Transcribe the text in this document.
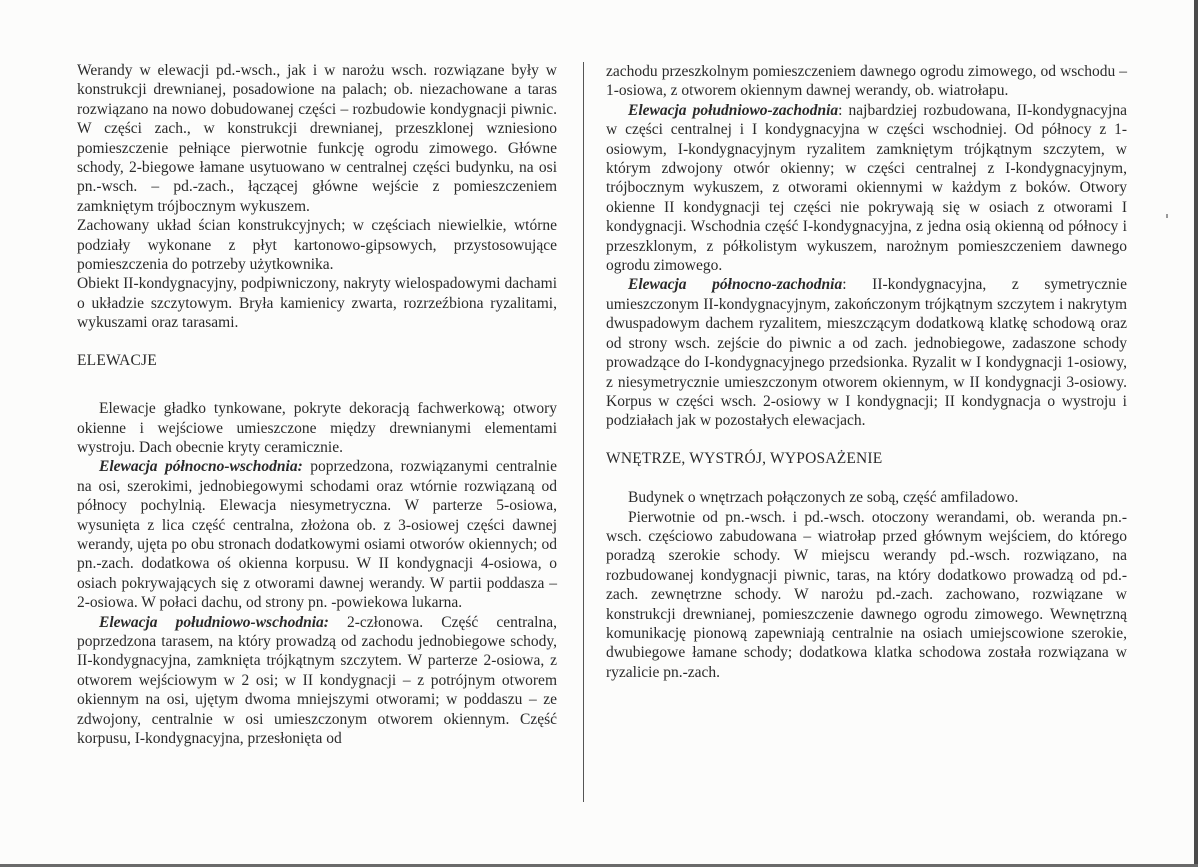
Werandy w elewacji pd.-wsch., jak i w narożu wsch. rozwiązane były w konstrukcji drewnianej, posadowione na palach; ob. niezachowane a taras rozwiązano na nowo dobudowanej części – rozbudowie kondygnacji piwnic. W części zach., w konstrukcji drewnianej, przeszklonej wzniesiono pomieszczenie pełniące pierwotnie funkcję ogrodu zimowego. Główne schody, 2-biegowe łamane usytuowano w centralnej części budynku, na osi pn.-wsch. – pd.-zach., łączącej główne wejście z pomieszczeniem zamkniętym trójbocznym wykuszem.

Zachowany układ ścian konstrukcyjnych; w częściach niewielkie, wtórne podziały wykonane z płyt kartonowo-gipsowych, przystosowujące pomieszczenia do potrzeby użytkownika.

Obiekt II-kondygnacyjny, podpiwniczony, nakryty wielospadowymi dachami o układzie szczytowym. Bryła kamienicy zwarta, rozrzeźbiona ryzalitami, wykuszami oraz tarasami.

ELEWACJE

Elewacje gładko tynkowane, pokryte dekoracją fachwerkową; otwory okienne i wejściowe umieszczone między drewnianymi elementami wystroju. Dach obecnie kryty ceramicznie.

Elewacja północno-wschodnia: poprzedzona, rozwiązanymi centralnie na osi, szerokimi, jednobiegowymi schodami oraz wtórnie rozwiązaną od północy pochylnią. Elewacja niesymetryczna. W parterze 5-osiowa, wysunięta z lica część centralna, złożona ob. z 3-osiowej części dawnej werandy, ujęta po obu stronach dodatkowymi osiami otworów okiennych; od pn.-zach. dodatkowa oś okienna korpusu. W II kondygnacji 4-osiowa, o osiach pokrywających się z otworami dawnej werandy. W partii poddasza – 2-osiowa. W połaci dachu, od strony pn. -powiekowa lukarna.

Elewacja południowo-wschodnia: 2-członowa. Część centralna, poprzedzona tarasem, na który prowadzą od zachodu jednobiegowe schody, II-kondygnacyjna, zamknięta trójkątnym szczytem. W parterze 2-osiowa, z otworem wejściowym w 2 osi; w II kondygnacji – z potrójnym otworem okiennym na osi, ujętym dwoma mniejszymi otworami; w poddaszu – ze zdwojony, centralnie w osi umieszczonym otworem okiennym. Część korpusu, I-kondygnacyjna, przesłonięta od

zachodu przeszkolnym pomieszczeniem dawnego ogrodu zimowego, od wschodu – 1-osiowa, z otworem okiennym dawnej werandy, ob. wiatrołapu.

Elewacja południowo-zachodnia: najbardziej rozbudowana, II-kondygnacyjna w części centralnej i I kondygnacyjna w części wschodniej. Od północy z 1-osiowym, I-kondygnacyjnym ryzalitem zamkniętym trójkątnym szczytem, w którym zdwojony otwór okienny; w części centralnej z I-kondygnacyjnym, trójbocznym wykuszem, z otworami okiennymi w każdym z boków. Otwory okienne II kondygnacji tej części nie pokrywają się w osiach z otworami I kondygnacji. Wschodnia część I-kondygnacyjna, z jedna osią okienną od północy i przeszklonym, z półkolistym wykuszem, narożnym pomieszczeniem dawnego ogrodu zimowego.

Elewacja północno-zachodnia: II-kondygnacyjna, z symetrycznie umieszczonym II-kondygnacyjnym, zakończonym trójkątnym szczytem i nakrytym dwuspadowym dachem ryzalitem, mieszczącym dodatkową klatkę schodową oraz od strony wsch. zejście do piwnic a od zach. jednobiegowe, zadaszone schody prowadzące do I-kondygnacyjnego przedsionka. Ryzalit w I kondygnacji 1-osiowy, z niesymetrycznie umieszczonym otworem okiennym, w II kondygnacji 3-osiowy. Korpus w części wsch. 2-osiowy w I kondygnacji; II kondygnacja o wystroju i podziałach jak w pozostałych elewacjach.

WNĘTRZE, WYSTRÓJ, WYPOSAŻENIE

Budynek o wnętrzach połączonych ze sobą, część amfiladowo.

Pierwotnie od pn.-wsch. i pd.-wsch. otoczony werandami, ob. weranda pn.-wsch. częściowo zabudowana – wiatrołap przed głównym wejściem, do którego poradzą szerokie schody. W miejscu werandy pd.-wsch. rozwiązano, na rozbudowanej kondygnacji piwnic, taras, na który dodatkowo prowadzą od pd.-zach. zewnętrzne schody. W narożu pd.-zach. zachowano, rozwiązane w konstrukcji drewnianej, pomieszczenie dawnego ogrodu zimowego. Wewnętrzną komunikację pionową zapewniają centralnie na osiach umiejscowione szerokie, dwubiegowe łamane schody; dodatkowa klatka schodowa została rozwiązana w ryzalicie pn.-zach.
